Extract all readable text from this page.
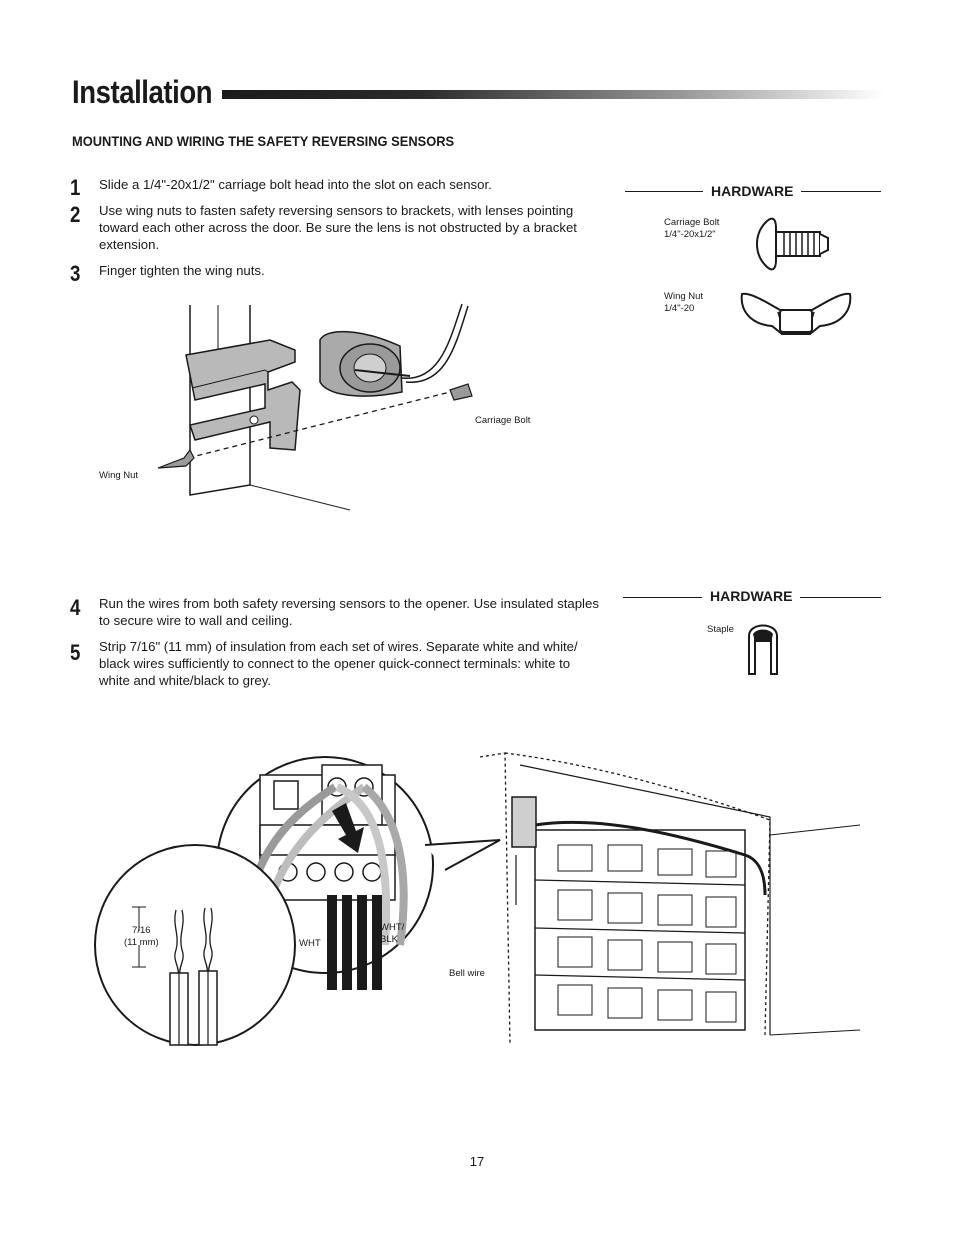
Installation
MOUNTING AND WIRING THE SAFETY REVERSING SENSORS
1	Slide a 1/4"-20x1/2" carriage bolt head into the slot on each sensor.
2	Use wing nuts to fasten safety reversing sensors to brackets, with lenses pointing toward each other across the door. Be sure the lens is not obstructed by a bracket extension.
3	Finger tighten the wing nuts.
HARDWARE
Carriage Bolt
1/4"-20x1/2"
Wing Nut
1/4"-20
Carriage Bolt
Wing Nut
4	Run the wires from both safety reversing sensors to the opener. Use insulated staples to secure wire to wall and ceiling.
5	Strip 7/16" (11 mm) of insulation from each set of wires. Separate white and white/ black wires sufficiently to connect to the opener quick-connect terminals: white to white and white/black to grey.
HARDWARE
Staple
7/16
(11 mm)	WHT
WHT/
BLK
Bell wire
17
